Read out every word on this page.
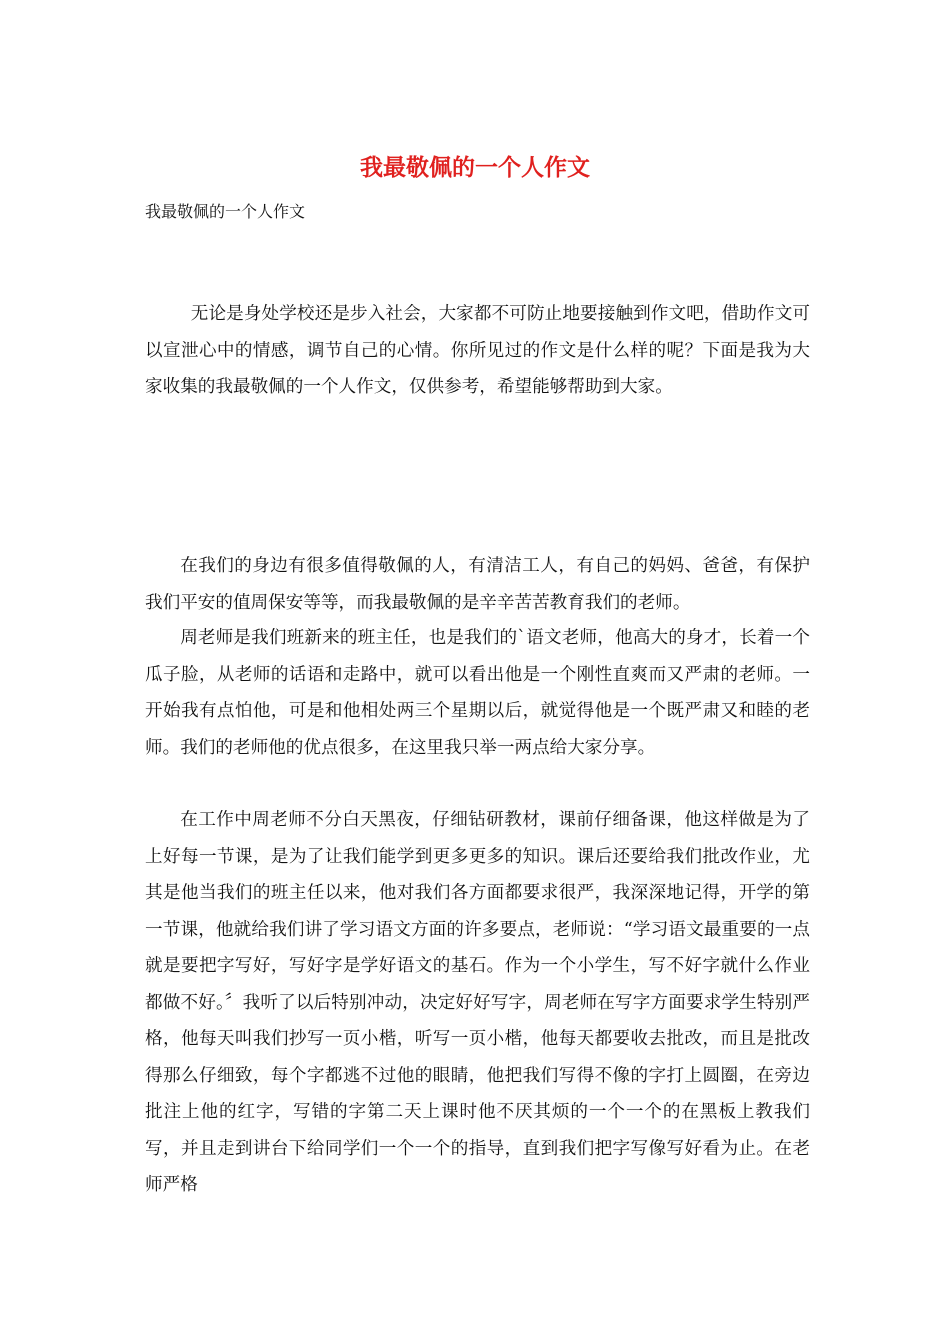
我最敬佩的一个人作文

我最敬佩的一个人作文

无论是身处学校还是步入社会，大家都不可防止地要接触到作文吧，借助作文可以宣泄心中的情感，调节自己的心情。你所见过的作文是什么样的呢？下面是我为大家收集的我最敬佩的一个人作文，仅供参考，希望能够帮助到大家。

在我们的身边有很多值得敬佩的人，有清洁工人，有自己的妈妈、爸爸，有保护我们平安的值周保安等等，而我最敬佩的是辛辛苦苦教育我们的老师。

周老师是我们班新来的班主任，也是我们的`语文老师，他高大的身才，长着一个瓜子脸，从老师的话语和走路中，就可以看出他是一个刚性直爽而又严肃的老师。一开始我有点怕他，可是和他相处两三个星期以后，就觉得他是一个既严肃又和睦的老师。我们的老师他的优点很多，在这里我只举一两点给大家分享。

在工作中周老师不分白天黑夜，仔细钻研教材，课前仔细备课，他这样做是为了上好每一节课，是为了让我们能学到更多更多的知识。课后还要给我们批改作业，尤其是他当我们的班主任以来，他对我们各方面都要求很严，我深深地记得，开学的第一节课，他就给我们讲了学习语文方面的许多要点，老师说：“学习语文最重要的一点就是要把字写好，写好字是学好语文的基石。作为一个小学生，写不好字就什么作业都做不好。〞我听了以后特别冲动，决定好好写字，周老师在写字方面要求学生特别严格，他每天叫我们抄写一页小楷，听写一页小楷，他每天都要收去批改，而且是批改得那么仔细致，每个字都逃不过他的眼睛，他把我们写得不像的字打上圆圈，在旁边批注上他的红字，写错的字第二天上课时他不厌其烦的一个一个的在黑板上教我们写，并且走到讲台下给同学们一个一个的指导，直到我们把字写像写好看为止。在老师严格
